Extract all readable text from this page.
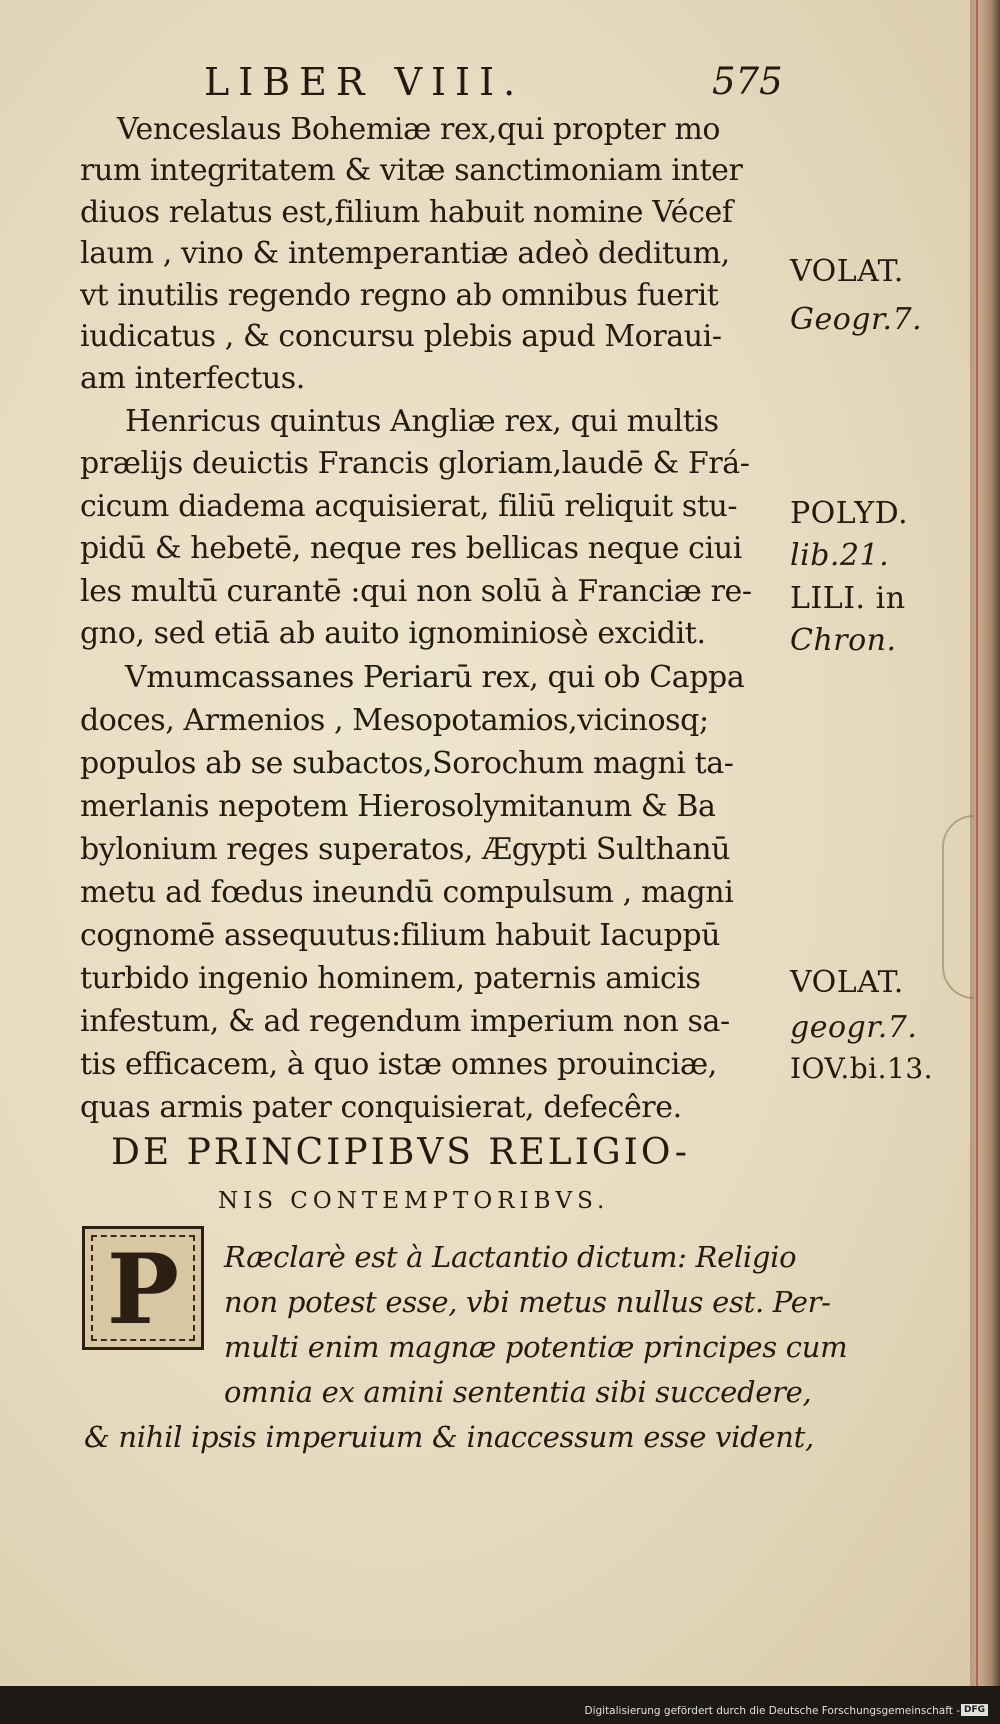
LIBER VIII.	575
Venceslaus Bohemiæ rex,qui propter mo
rum integritatem & vitæ sanctimoniam inter
diuos relatus est,filium habuit nomine Vécef
laum , vino & intemperantiæ adeò deditum,
vt inutilis regendo regno ab omnibus fuerit
iudicatus , & concursu plebis apud Moraui-
am interfectus.
Henricus quintus Angliæ rex, qui multis
prælijs deuictis Francis gloriam,laudē & Frá-
cicum diadema acquisierat, filiū reliquit stu-
pidū & hebetē, neque res bellicas neque ciui
les multū curantē :qui non solū à Franciæ re-
gno, sed etiā ab auito ignominiosè excidit.
Vmumcassanes Periarū rex, qui ob Cappa
doces, Armenios , Mesopotamios,vicinosq;
populos ab se subactos,Sorochum magni ta-
merlanis nepotem Hierosolymitanum & Ba
bylonium reges superatos, Ægypti Sulthanū
metu ad fœdus ineundū compulsum , magni
cognomē assequutus:filium habuit Iacuppū
turbido ingenio hominem, paternis amicis
infestum, & ad regendum imperium non sa-
tis efficacem, à quo istæ omnes prouinciæ,
quas armis pater conquisierat, defecêre.
VOLAT.
Geogr.7.
POLYD.
lib.21.
LILI. in
Chron.
VOLAT.
geogr.7.
IOV.bi.13.
DE PRINCIPIBVS RELIGIO-
NIS CONTEMPTORIBVS.
P	Ræclarè est à Lactantio dictum: Religio
non potest esse, vbi metus nullus est. Per-
multi enim magnæ potentiæ principes cum
omnia ex amini sententia sibi succedere,
& nihil ipsis imperuium & inaccessum esse vident,
Digitalisierung gefördert durch die Deutsche Forschungsgemeinschaft - DFG
